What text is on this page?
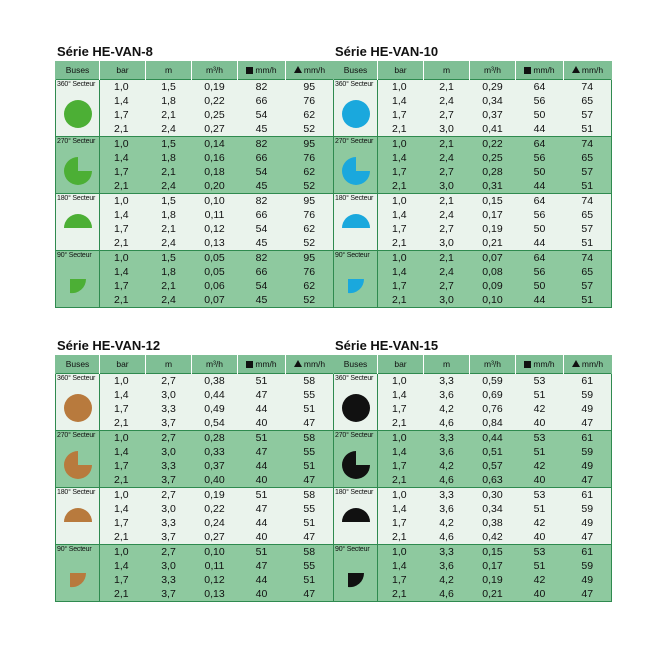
Série HE-VAN-8
Buses	bar	m	m³/h	mm/h	mm/h

360° Secteur	1,0	1,5	0,19	82	95
	1,4	1,8	0,22	66	76
	1,7	2,1	0,25	54	62
	2,1	2,4	0,27	45	52

270° Secteur	1,0	1,5	0,14	82	95
	1,4	1,8	0,16	66	76
	1,7	2,1	0,18	54	62
	2,1	2,4	0,20	45	52

180° Secteur	1,0	1,5	0,10	82	95
	1,4	1,8	0,11	66	76
	1,7	2,1	0,12	54	62
	2,1	2,4	0,13	45	52

90° Secteur	1,0	1,5	0,05	82	95
	1,4	1,8	0,05	66	76
	1,7	2,1	0,06	54	62
	2,1	2,4	0,07	45	52
Série HE-VAN-10
Buses	bar	m	m³/h	mm/h	mm/h

360° Secteur	1,0	2,1	0,29	64	74
	1,4	2,4	0,34	56	65
	1,7	2,7	0,37	50	57
	2,1	3,0	0,41	44	51

270° Secteur	1,0	2,1	0,22	64	74
	1,4	2,4	0,25	56	65
	1,7	2,7	0,28	50	57
	2,1	3,0	0,31	44	51

180° Secteur	1,0	2,1	0,15	64	74
	1,4	2,4	0,17	56	65
	1,7	2,7	0,19	50	57
	2,1	3,0	0,21	44	51

90° Secteur	1,0	2,1	0,07	64	74
	1,4	2,4	0,08	56	65
	1,7	2,7	0,09	50	57
	2,1	3,0	0,10	44	51
Série HE-VAN-12
Buses	bar	m	m³/h	mm/h	mm/h

360° Secteur	1,0	2,7	0,38	51	58
	1,4	3,0	0,44	47	55
	1,7	3,3	0,49	44	51
	2,1	3,7	0,54	40	47

270° Secteur	1,0	2,7	0,28	51	58
	1,4	3,0	0,33	47	55
	1,7	3,3	0,37	44	51
	2,1	3,7	0,40	40	47

180° Secteur	1,0	2,7	0,19	51	58
	1,4	3,0	0,22	47	55
	1,7	3,3	0,24	44	51
	2,1	3,7	0,27	40	47

90° Secteur	1,0	2,7	0,10	51	58
	1,4	3,0	0,11	47	55
	1,7	3,3	0,12	44	51
	2,1	3,7	0,13	40	47
Série HE-VAN-15
Buses	bar	m	m³/h	mm/h	mm/h

360° Secteur	1,0	3,3	0,59	53	61
	1,4	3,6	0,69	51	59
	1,7	4,2	0,76	42	49
	2,1	4,6	0,84	40	47

270° Secteur	1,0	3,3	0,44	53	61
	1,4	3,6	0,51	51	59
	1,7	4,2	0,57	42	49
	2,1	4,6	0,63	40	47

180° Secteur	1,0	3,3	0,30	53	61
	1,4	3,6	0,34	51	59
	1,7	4,2	0,38	42	49
	2,1	4,6	0,42	40	47

90° Secteur	1,0	3,3	0,15	53	61
	1,4	3,6	0,17	51	59
	1,7	4,2	0,19	42	49
	2,1	4,6	0,21	40	47
